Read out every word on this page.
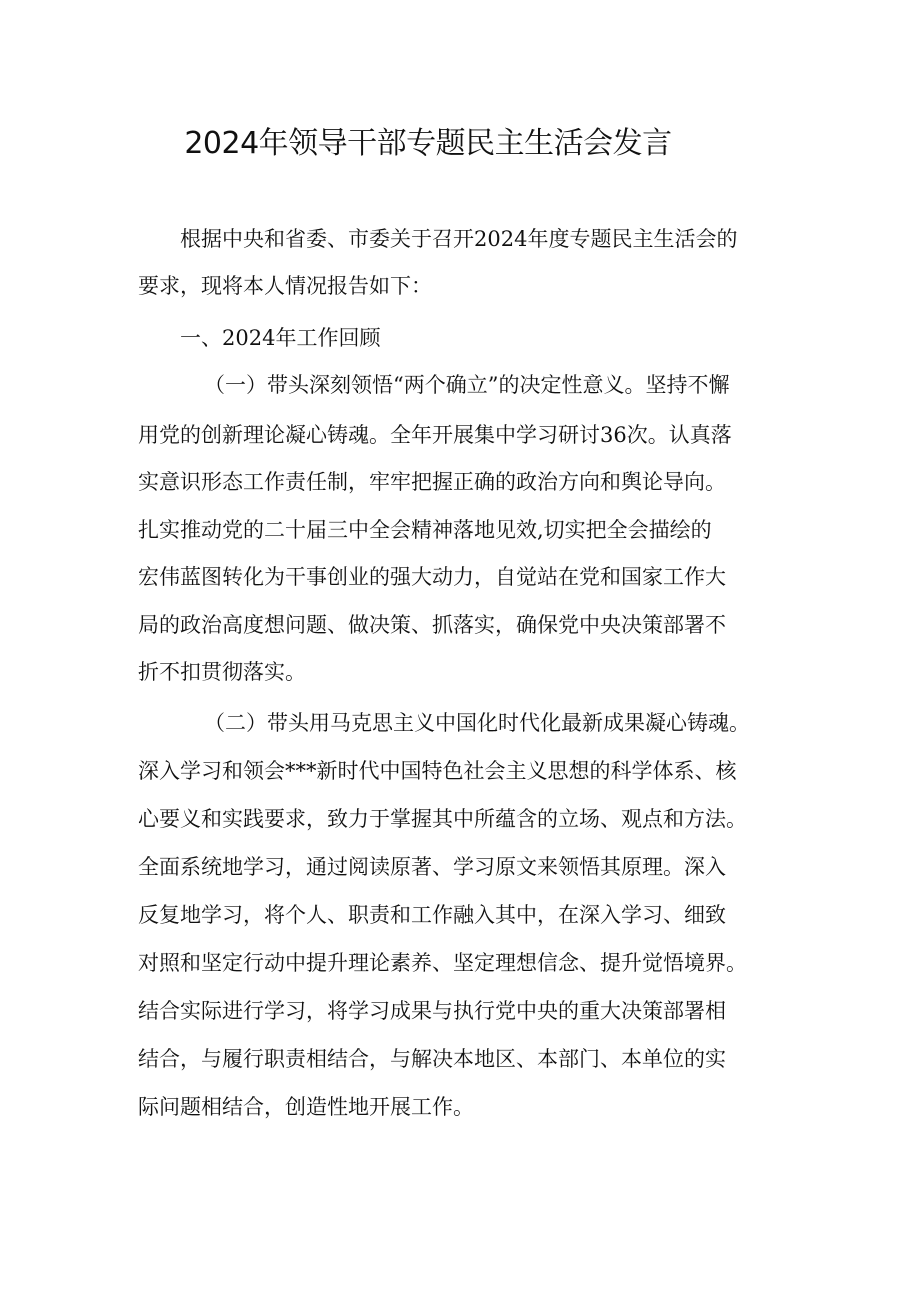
2024年领导干部专题民主生活会发言

根据中央和省委、市委关于召开2024年度专题民主生活会的

要求，现将本人情况报告如下：

一、2024年工作回顾

（一）带头深刻领悟“两个确立”的决定性意义。坚持不懈

用党的创新理论凝心铸魂。全年开展集中学习研讨36次。认真落

实意识形态工作责任制，牢牢把握正确的政治方向和舆论导向。

扎实推动党的二十届三中全会精神落地见效,切实把全会描绘的

宏伟蓝图转化为干事创业的强大动力，自觉站在党和国家工作大

局的政治高度想问题、做决策、抓落实，确保党中央决策部署不

折不扣贯彻落实。

（二）带头用马克思主义中国化时代化最新成果凝心铸魂。

深入学习和领会***新时代中国特色社会主义思想的科学体系、核

心要义和实践要求，致力于掌握其中所蕴含的立场、观点和方法。

全面系统地学习，通过阅读原著、学习原文来领悟其原理。深入

反复地学习，将个人、职责和工作融入其中，在深入学习、细致

对照和坚定行动中提升理论素养、坚定理想信念、提升觉悟境界。

结合实际进行学习，将学习成果与执行党中央的重大决策部署相

结合，与履行职责相结合，与解决本地区、本部门、本单位的实

际问题相结合，创造性地开展工作。
